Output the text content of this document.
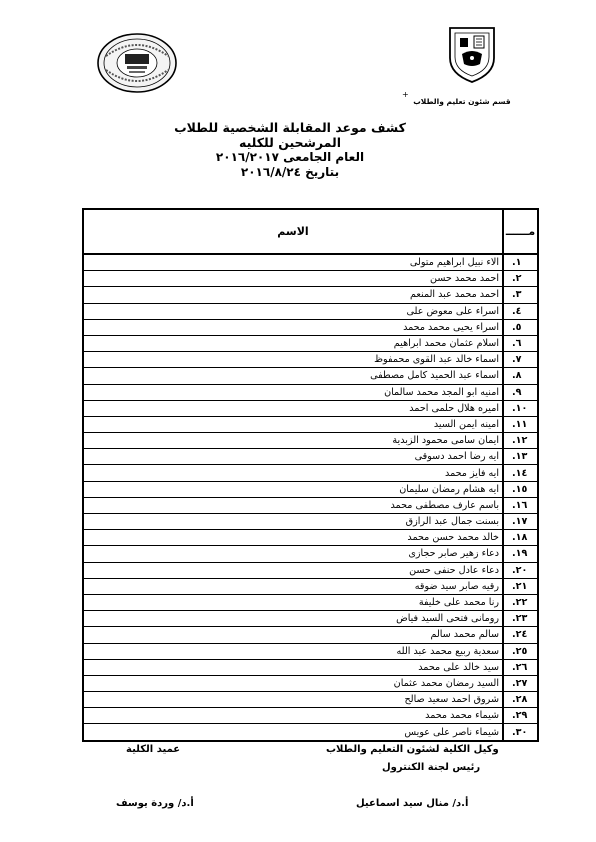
قسم شئون تعليم والطلاب
+
كشف موعد المقابلة الشخصية للطلاب المرشحين للكليه
العام الجامعى ٢٠١٦/٢٠١٧
بتاريخ ٢٠١٦/٨/٢٤
مــــــ	الاسم
.١	الاء نبيل ابراهيم متولى
.٢	احمد محمد حسن
.٣	احمد محمد عبد المنعم
.٤	اسراء على معوض على
.٥	اسراء يحيى محمد محمد
.٦	اسلام عثمان محمد ابراهيم
.٧	اسماء خالد عبد القوى محمفوظ
.٨	اسماء عبد الحميد كامل مصطفى
.٩	امنيه ابو المجد محمد سالمان
.١٠	اميره هلال حلمى احمد
.١١	امينه ايمن السيد
.١٢	ايمان سامى محمود الزبدية
.١٣	ايه رضا احمد دسوقى
.١٤	ايه فايز محمد
.١٥	ايه هشام رمضان سليمان
.١٦	باسم عارف مصطفى محمد
.١٧	بسنت جمال عبد الرازق
.١٨	خالد محمد حسن محمد
.١٩	دعاء زهير صابر حجازى
.٢٠	دعاء عادل حنفى حسن
.٢١	رقيه صابر سيد ضوقه
.٢٢	رنا محمد على خليفة
.٢٣	رومانى فتحى السيد فياض
.٢٤	سالم محمد سالم
.٢٥	سعدية ربيع محمد عبد الله
.٢٦	سيد خالد على محمد
.٢٧	السيد رمضان محمد عثمان
.٢٨	شروق احمد سعيد صالح
.٢٩	شيماء محمد محمد
.٣٠	شيماء ناصر على عويس
وكيل الكلية لشئون التعليم والطلاب
عميد الكلية
رئيس لجنة الكنترول
أ.د/ منال سيد اسماعيل
أ.د/ وردة يوسف
